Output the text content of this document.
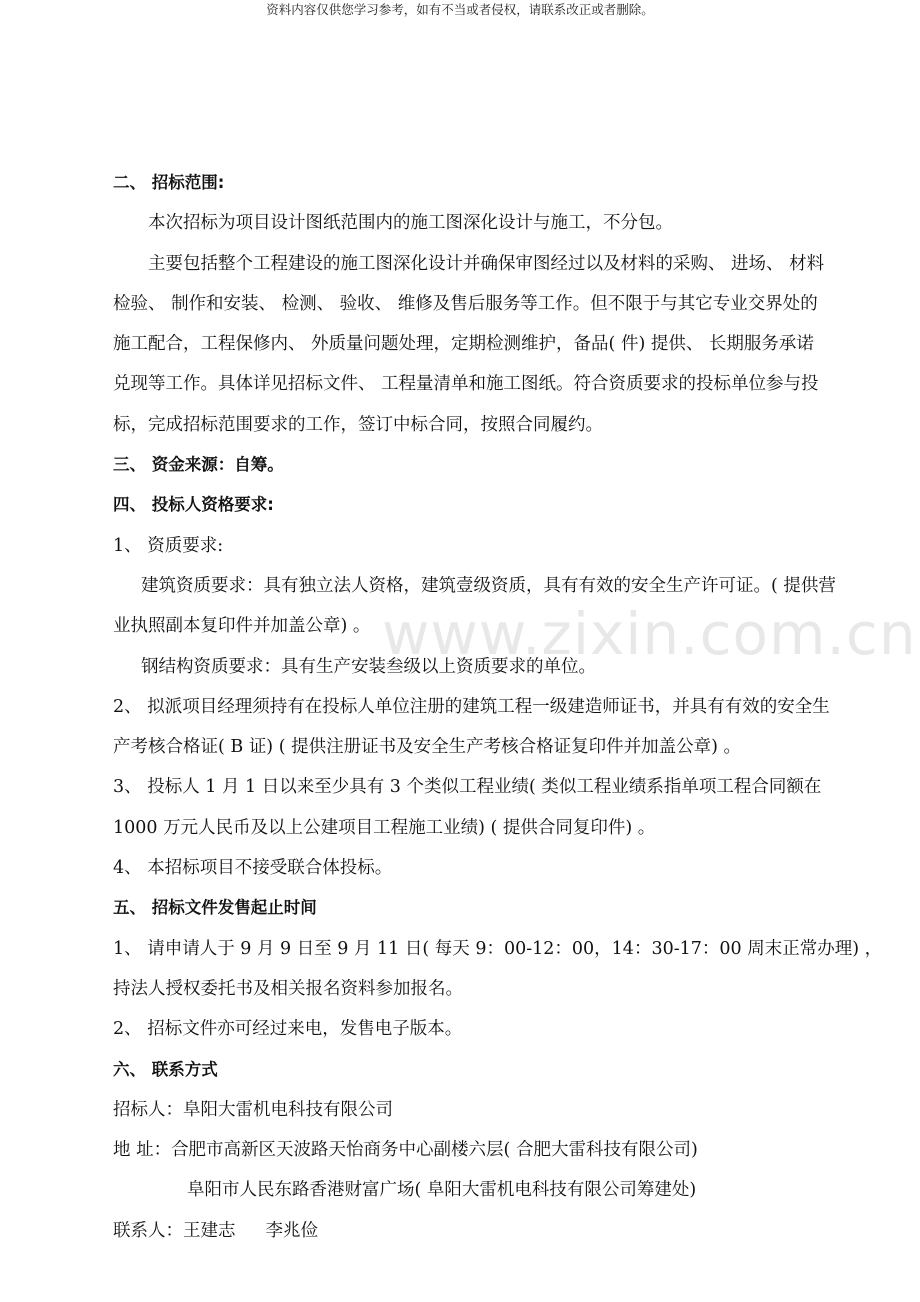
资料内容仅供您学习参考，如有不当或者侵权，请联系改正或者删除。
www.zixin.com.cn
二、 招标范围:
本次招标为项目设计图纸范围内的施工图深化设计与施工，不分包。
主要包括整个工程建设的施工图深化设计并确保审图经过以及材料的采购、 进场、 材料
检验、 制作和安装、 检测、 验收、 维修及售后服务等工作。但不限于与其它专业交界处的
施工配合，工程保修内、 外质量问题处理，定期检测维护，备品( 件) 提供、 长期服务承诺
兑现等工作。具体详见招标文件、 工程量清单和施工图纸。符合资质要求的投标单位参与投
标，完成招标范围要求的工作，签订中标合同，按照合同履约。
三、 资金来源：自筹。
四、 投标人资格要求:
1、 资质要求:
建筑资质要求：具有独立法人资格，建筑壹级资质，具有有效的安全生产许可证。( 提供营
业执照副本复印件并加盖公章) 。
钢结构资质要求：具有生产安装叁级以上资质要求的单位。
2、 拟派项目经理须持有在投标人单位注册的建筑工程一级建造师证书，并具有有效的安全生
产考核合格证( B 证) ( 提供注册证书及安全生产考核合格证复印件并加盖公章) 。
3、 投标人 1 月 1 日以来至少具有 3 个类似工程业绩( 类似工程业绩系指单项工程合同额在
1000 万元人民币及以上公建项目工程施工业绩) ( 提供合同复印件) 。
4、 本招标项目不接受联合体投标。
五、 招标文件发售起止时间
1、 请申请人于 9 月 9 日至 9 月 11 日( 每天 9：00-12：00，14：30-17：00 周末正常办理) ，
持法人授权委托书及相关报名资料参加报名。
2、 招标文件亦可经过来电，发售电子版本。
六、 联系方式
招标人：阜阳大雷机电科技有限公司
地 址：合肥市高新区天波路天怡商务中心副楼六层( 合肥大雷科技有限公司)
阜阳市人民东路香港财富广场( 阜阳大雷机电科技有限公司筹建处)
联系人：王建志 李兆俭
